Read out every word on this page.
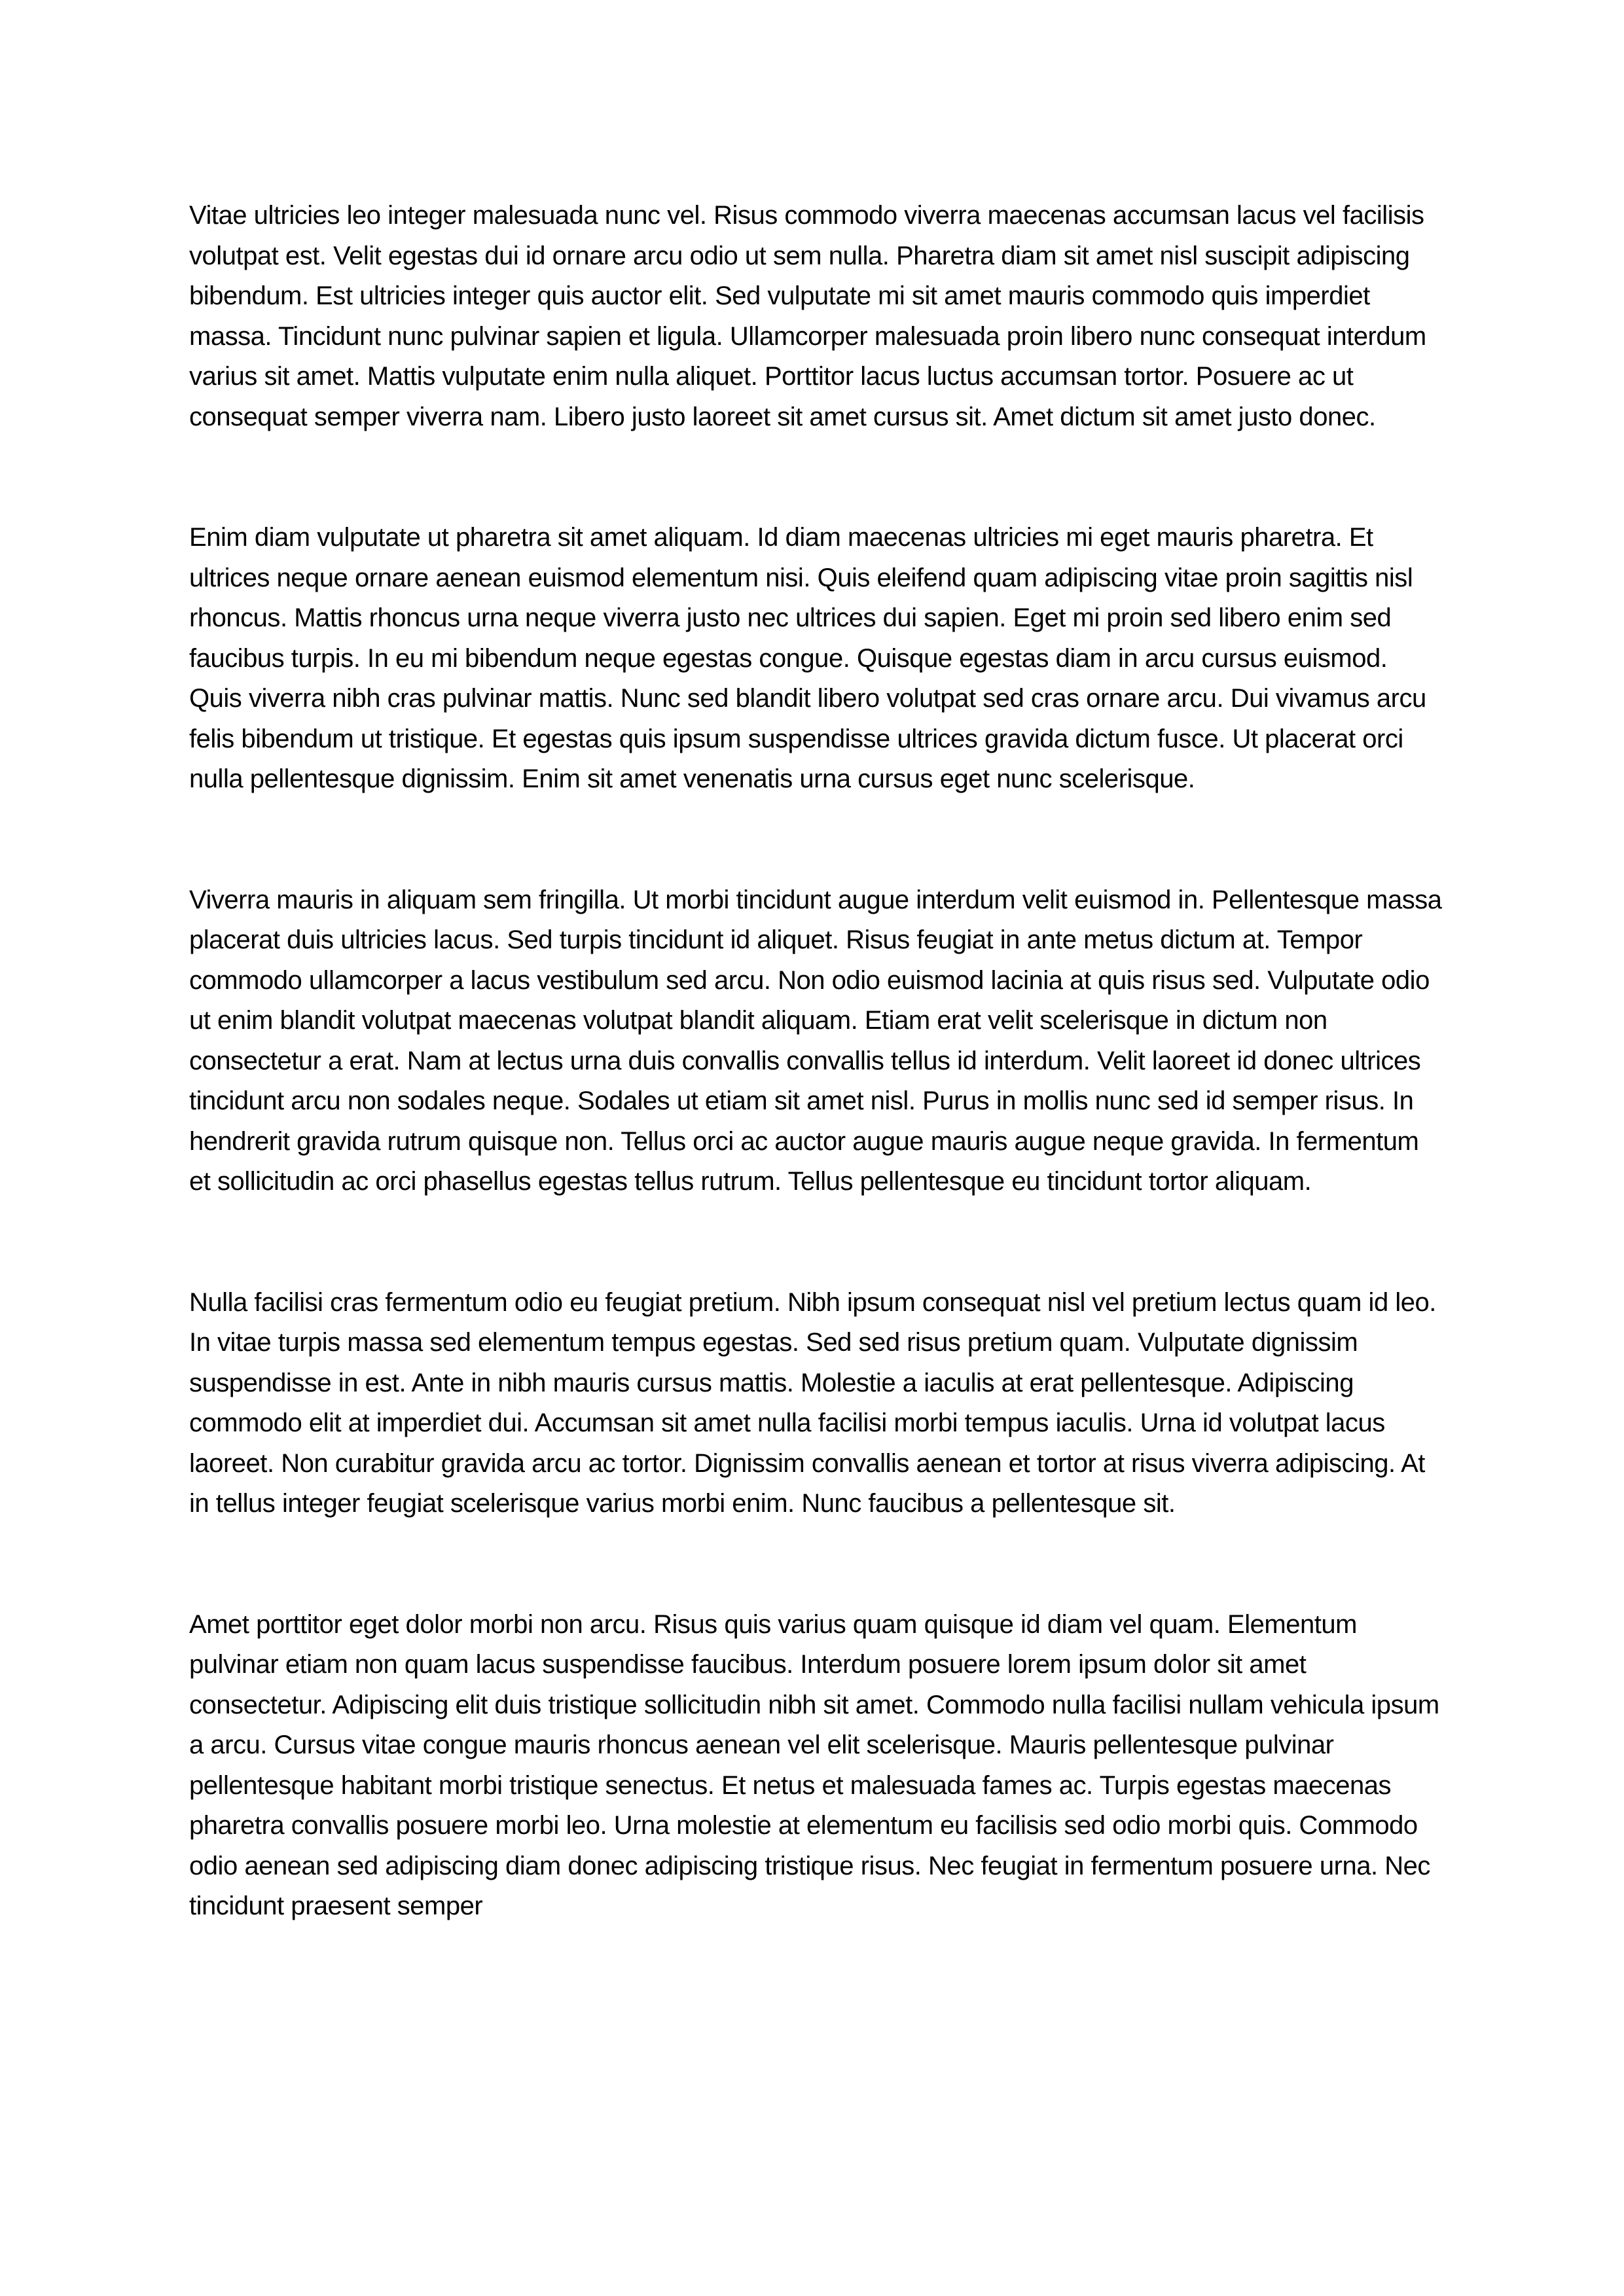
Vitae ultricies leo integer malesuada nunc vel. Risus commodo viverra maecenas accumsan lacus vel facilisis volutpat est. Velit egestas dui id ornare arcu odio ut sem nulla. Pharetra diam sit amet nisl suscipit adipiscing bibendum. Est ultricies integer quis auctor elit. Sed vulputate mi sit amet mauris commodo quis imperdiet massa. Tincidunt nunc pulvinar sapien et ligula. Ullamcorper malesuada proin libero nunc consequat interdum varius sit amet. Mattis vulputate enim nulla aliquet. Porttitor lacus luctus accumsan tortor. Posuere ac ut consequat semper viverra nam. Libero justo laoreet sit amet cursus sit. Amet dictum sit amet justo donec.

Enim diam vulputate ut pharetra sit amet aliquam. Id diam maecenas ultricies mi eget mauris pharetra. Et ultrices neque ornare aenean euismod elementum nisi. Quis eleifend quam adipiscing vitae proin sagittis nisl rhoncus. Mattis rhoncus urna neque viverra justo nec ultrices dui sapien. Eget mi proin sed libero enim sed faucibus turpis. In eu mi bibendum neque egestas congue. Quisque egestas diam in arcu cursus euismod. Quis viverra nibh cras pulvinar mattis. Nunc sed blandit libero volutpat sed cras ornare arcu. Dui vivamus arcu felis bibendum ut tristique. Et egestas quis ipsum suspendisse ultrices gravida dictum fusce. Ut placerat orci nulla pellentesque dignissim. Enim sit amet venenatis urna cursus eget nunc scelerisque.

Viverra mauris in aliquam sem fringilla. Ut morbi tincidunt augue interdum velit euismod in. Pellentesque massa placerat duis ultricies lacus. Sed turpis tincidunt id aliquet. Risus feugiat in ante metus dictum at. Tempor commodo ullamcorper a lacus vestibulum sed arcu. Non odio euismod lacinia at quis risus sed. Vulputate odio ut enim blandit volutpat maecenas volutpat blandit aliquam. Etiam erat velit scelerisque in dictum non consectetur a erat. Nam at lectus urna duis convallis convallis tellus id interdum. Velit laoreet id donec ultrices tincidunt arcu non sodales neque. Sodales ut etiam sit amet nisl. Purus in mollis nunc sed id semper risus. In hendrerit gravida rutrum quisque non. Tellus orci ac auctor augue mauris augue neque gravida. In fermentum et sollicitudin ac orci phasellus egestas tellus rutrum. Tellus pellentesque eu tincidunt tortor aliquam.

Nulla facilisi cras fermentum odio eu feugiat pretium. Nibh ipsum consequat nisl vel pretium lectus quam id leo. In vitae turpis massa sed elementum tempus egestas. Sed sed risus pretium quam. Vulputate dignissim suspendisse in est. Ante in nibh mauris cursus mattis. Molestie a iaculis at erat pellentesque. Adipiscing commodo elit at imperdiet dui. Accumsan sit amet nulla facilisi morbi tempus iaculis. Urna id volutpat lacus laoreet. Non curabitur gravida arcu ac tortor. Dignissim convallis aenean et tortor at risus viverra adipiscing. At in tellus integer feugiat scelerisque varius morbi enim. Nunc faucibus a pellentesque sit.

Amet porttitor eget dolor morbi non arcu. Risus quis varius quam quisque id diam vel quam. Elementum pulvinar etiam non quam lacus suspendisse faucibus. Interdum posuere lorem ipsum dolor sit amet consectetur. Adipiscing elit duis tristique sollicitudin nibh sit amet. Commodo nulla facilisi nullam vehicula ipsum a arcu. Cursus vitae congue mauris rhoncus aenean vel elit scelerisque. Mauris pellentesque pulvinar pellentesque habitant morbi tristique senectus. Et netus et malesuada fames ac. Turpis egestas maecenas pharetra convallis posuere morbi leo. Urna molestie at elementum eu facilisis sed odio morbi quis. Commodo odio aenean sed adipiscing diam donec adipiscing tristique risus. Nec feugiat in fermentum posuere urna. Nec tincidunt praesent semper
